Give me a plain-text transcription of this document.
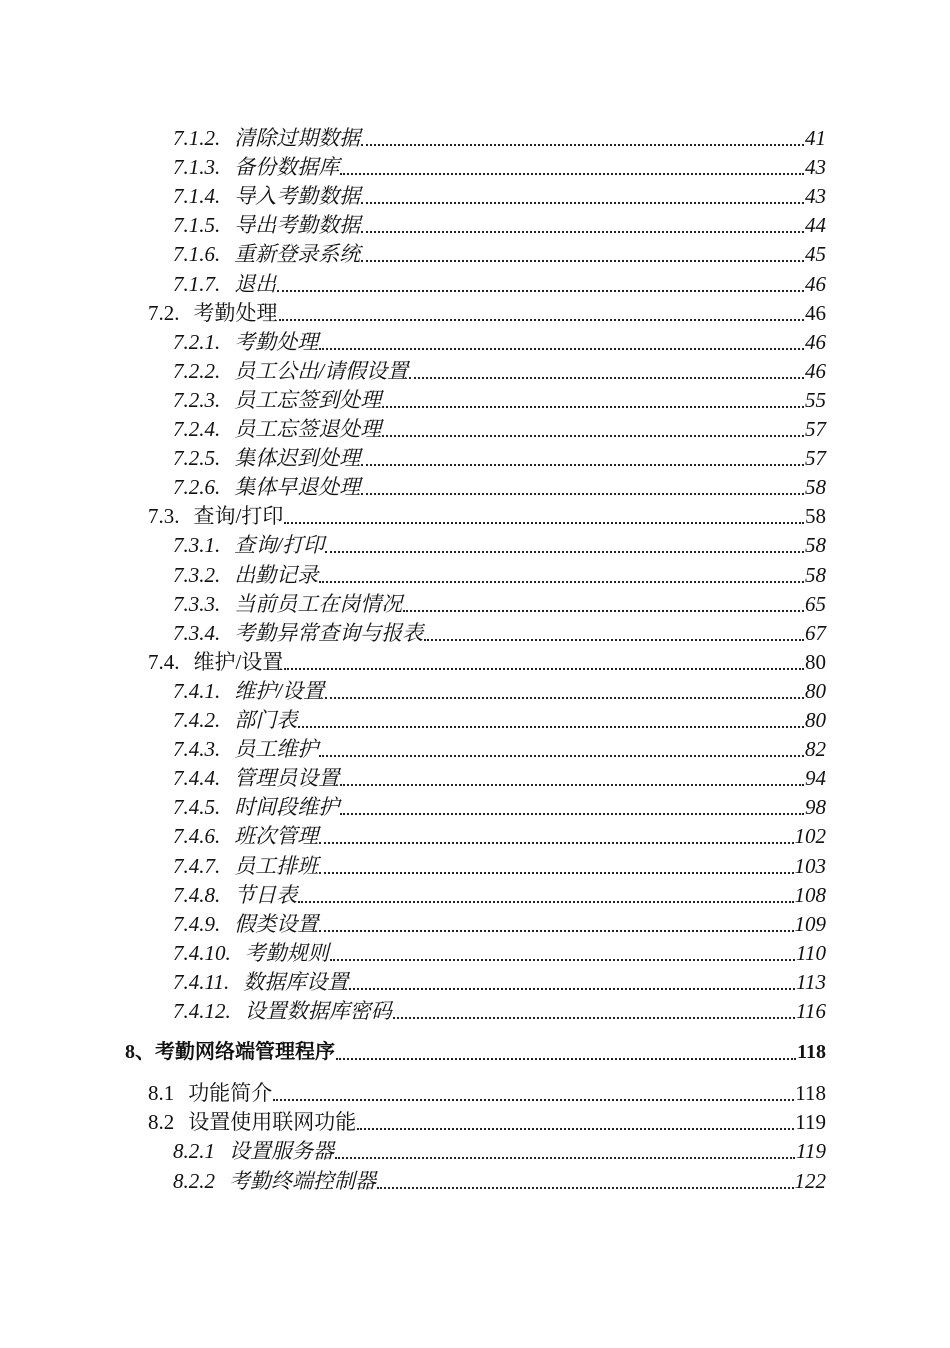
7.1.2. 清除过期数据	41
7.1.3. 备份数据库	43
7.1.4. 导入考勤数据	43
7.1.5. 导出考勤数据	44
7.1.6. 重新登录系统	45
7.1.7. 退出	46
7.2. 考勤处理	46
7.2.1. 考勤处理	46
7.2.2. 员工公出/请假设置	46
7.2.3. 员工忘签到处理	55
7.2.4. 员工忘签退处理	57
7.2.5. 集体迟到处理	57
7.2.6. 集体早退处理	58
7.3. 查询/打印	58
7.3.1. 查询/打印	58
7.3.2. 出勤记录	58
7.3.3. 当前员工在岗情况	65
7.3.4. 考勤异常查询与报表	67
7.4. 维护/设置	80
7.4.1. 维护/设置	80
7.4.2. 部门表	80
7.4.3. 员工维护	82
7.4.4. 管理员设置	94
7.4.5. 时间段维护	98
7.4.6. 班次管理	102
7.4.7. 员工排班	103
7.4.8. 节日表	108
7.4.9. 假类设置	109
7.4.10. 考勤规则	110
7.4.11. 数据库设置	113
7.4.12. 设置数据库密码	116
8、 考勤网络端管理程序	118
8.1 功能简介	118
8.2 设置使用联网功能	119
8.2.1 设置服务器	119
8.2.2 考勤终端控制器	122
